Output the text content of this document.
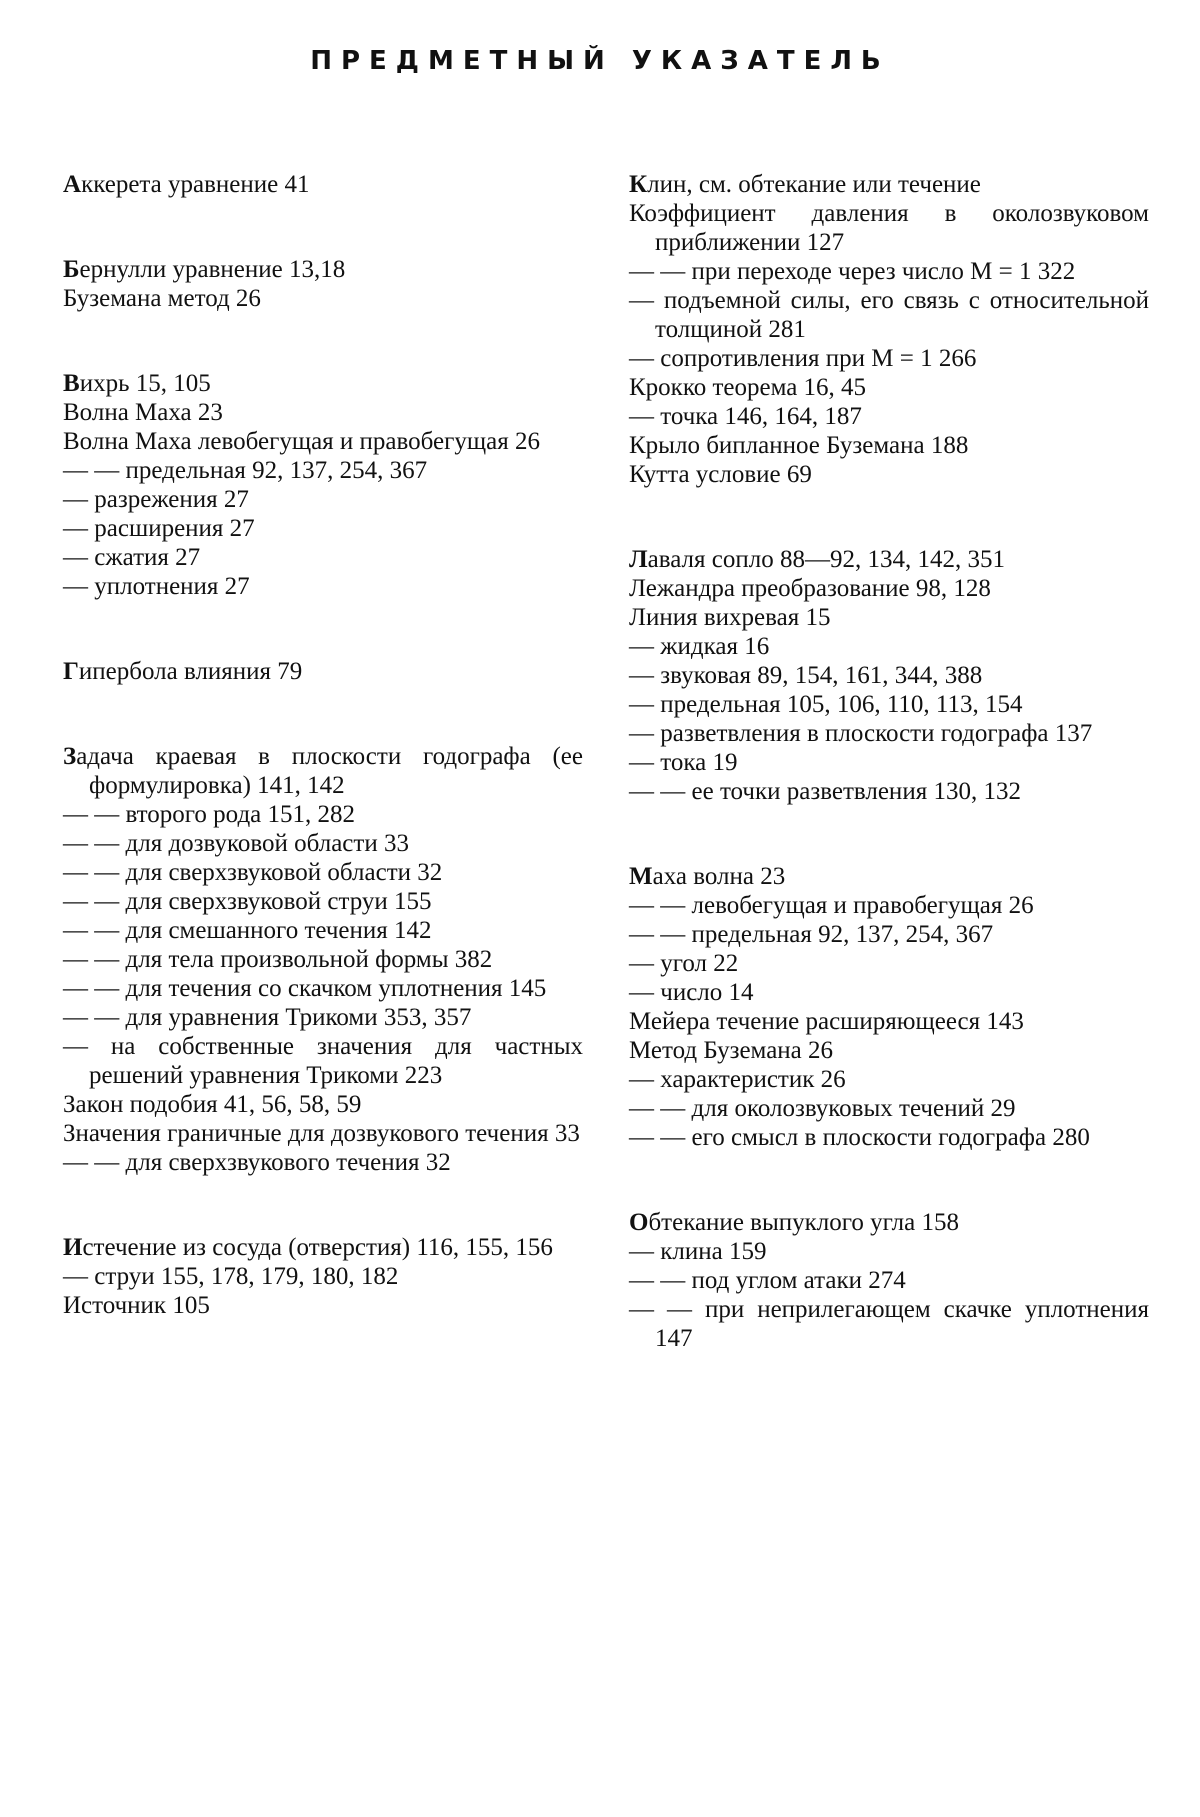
ПРЕДМЕТНЫЙ УКАЗАТЕЛЬ
Аккерета уравнение 41
Бернулли уравнение 13,18
Буземана метод 26
Вихрь 15, 105
Волна Маха 23
Волна Маха левобегущая и правобегущая 26
— — предельная 92, 137, 254, 367
— разрежения 27
— расширения 27
— сжатия 27
— уплотнения 27
Гипербола влияния 79
Задача краевая в плоскости годографа (ее формулировка) 141, 142
— — второго рода 151, 282
— — для дозвуковой области 33
— — для сверхзвуковой области 32
— — для сверхзвуковой струи 155
— — для смешанного течения 142
— — для тела произвольной формы 382
— — для течения со скачком уплотнения 145
— — для уравнения Трикоми 353, 357
— на собственные значения для частных решений уравнения Трикоми 223
Закон подобия 41, 56, 58, 59
Значения граничные для дозвукового течения 33
— — для сверхзвукового течения 32
Истечение из сосуда (отверстия) 116, 155, 156
— струи 155, 178, 179, 180, 182
Источник 105
Клин, см. обтекание или течение
Коэффициент давления в околозвуковом приближении 127
— — при переходе через число M = 1 322
— подъемной силы, его связь с относительной толщиной 281
— сопротивления при M = 1 266
Крокко теорема 16, 45
— точка 146, 164, 187
Крыло бипланное Буземана 188
Кутта условие 69
Лаваля сопло 88—92, 134, 142, 351
Лежандра преобразование 98, 128
Линия вихревая 15
— жидкая 16
— звуковая 89, 154, 161, 344, 388
— предельная 105, 106, 110, 113, 154
— разветвления в плоскости годографа 137
— тока 19
— — ее точки разветвления 130, 132
Маха волна 23
— — левобегущая и правобегущая 26
— — предельная 92, 137, 254, 367
— угол 22
— число 14
Мейера течение расширяющееся 143
Метод Буземана 26
— характеристик 26
— — для околозвуковых течений 29
— — его смысл в плоскости годографа 280
Обтекание выпуклого угла 158
— клина 159
— — под углом атаки 274
— — при неприлегающем скачке уплотнения 147
